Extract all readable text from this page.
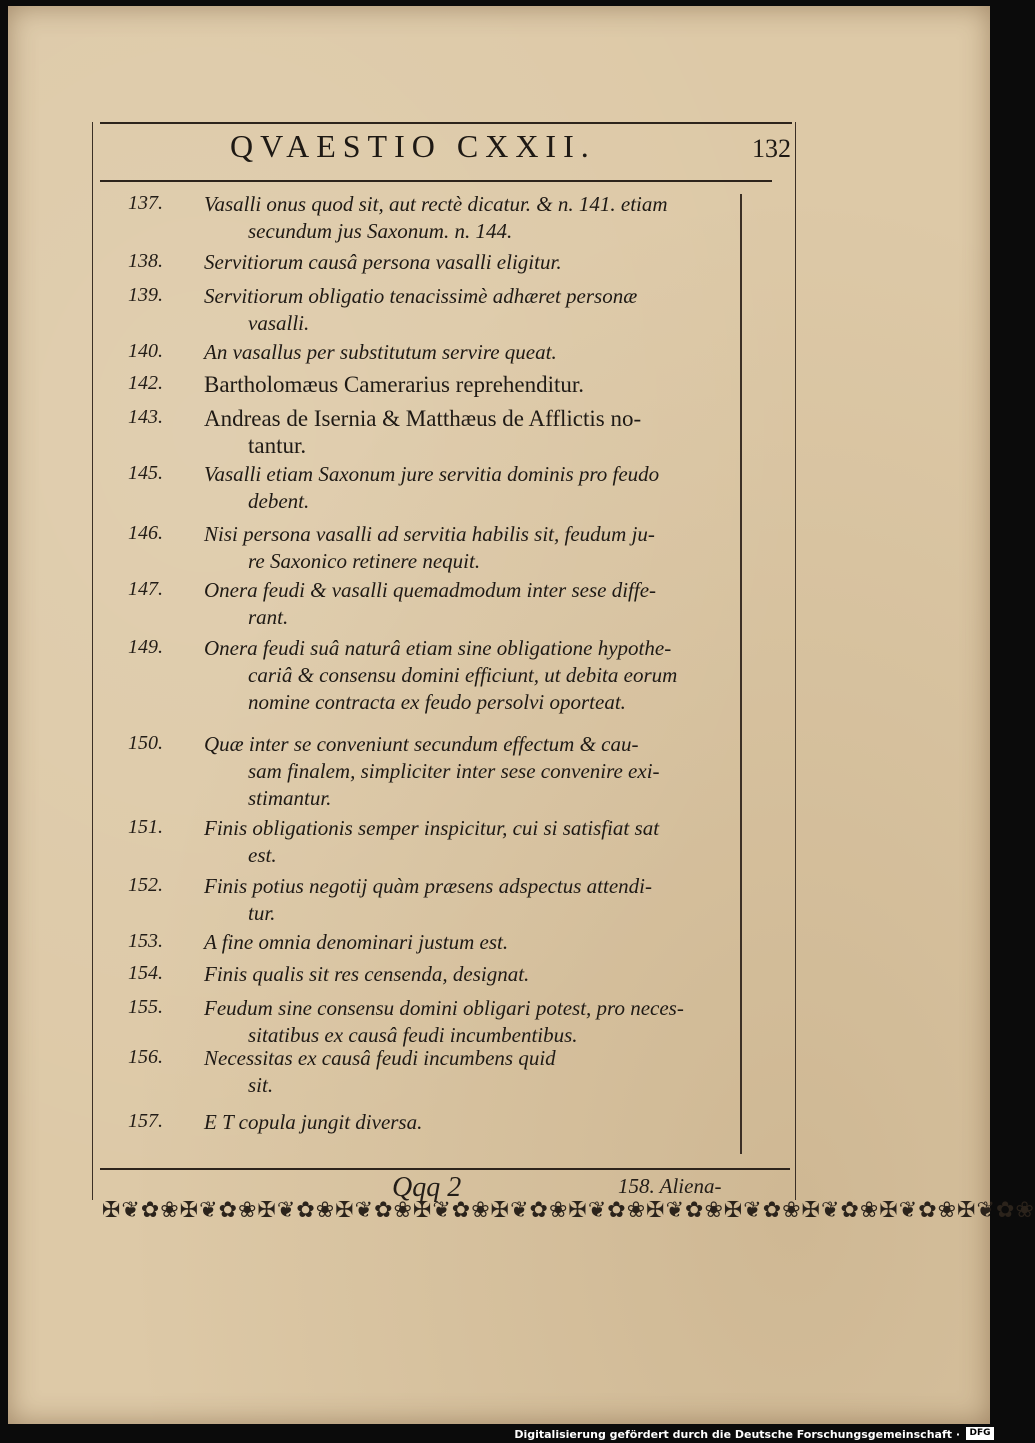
QVAESTIO CXXII.	132
137. Vasalli onus quod sit, aut rectè dicatur. & n. 141. etiam
secundum jus Saxonum. n. 144.
138. Servitiorum causâ persona vasalli eligitur.
139. Servitiorum obligatio tenacissimè adhæret personæ
vasalli.
140. An vasallus per substitutum servire queat.
142. Bartholomæus Camerarius reprehenditur.
143. Andreas de Isernia & Matthæus de Afflictis no-
tantur.
145. Vasalli etiam Saxonum jure servitia dominis pro feudo
debent.
146. Nisi persona vasalli ad servitia habilis sit, feudum ju-
re Saxonico retinere nequit.
147. Onera feudi & vasalli quemadmodum inter sese diffe-
rant.
149. Onera feudi suâ naturâ etiam sine obligatione hypothe-
cariâ & consensu domini efficiunt, ut debita eorum
nomine contracta ex feudo persolvi oporteat.
150. Quæ inter se conveniunt secundum effectum & cau-
sam finalem, simpliciter inter sese convenire exi-
stimantur.
151. Finis obligationis semper inspicitur, cui si satisfiat sat
est.
152. Finis potius negotij quàm præsens adspectus attendi-
tur.
153. A fine omnia denominari justum est.
154. Finis qualis sit res censenda, designat.
155. Feudum sine consensu domini obligari potest, pro neces-
sitatibus ex causâ feudi incumbentibus.
156. Necessitas ex causâ feudi incumbens quid
sit.
157. E T copula jungit diversa.
Qqq 2	158. Aliena-
✠❦✿❀✠❦✿❀✠❦✿❀✠❦✿❀✠❦✿❀✠❦✿❀✠❦✿❀✠❦✿❀✠❦✿❀✠❦✿❀✠❦✿❀✠❦✿❀
Digitalisierung gefördert durch die Deutsche Forschungsgemeinschaft ·	DFG
